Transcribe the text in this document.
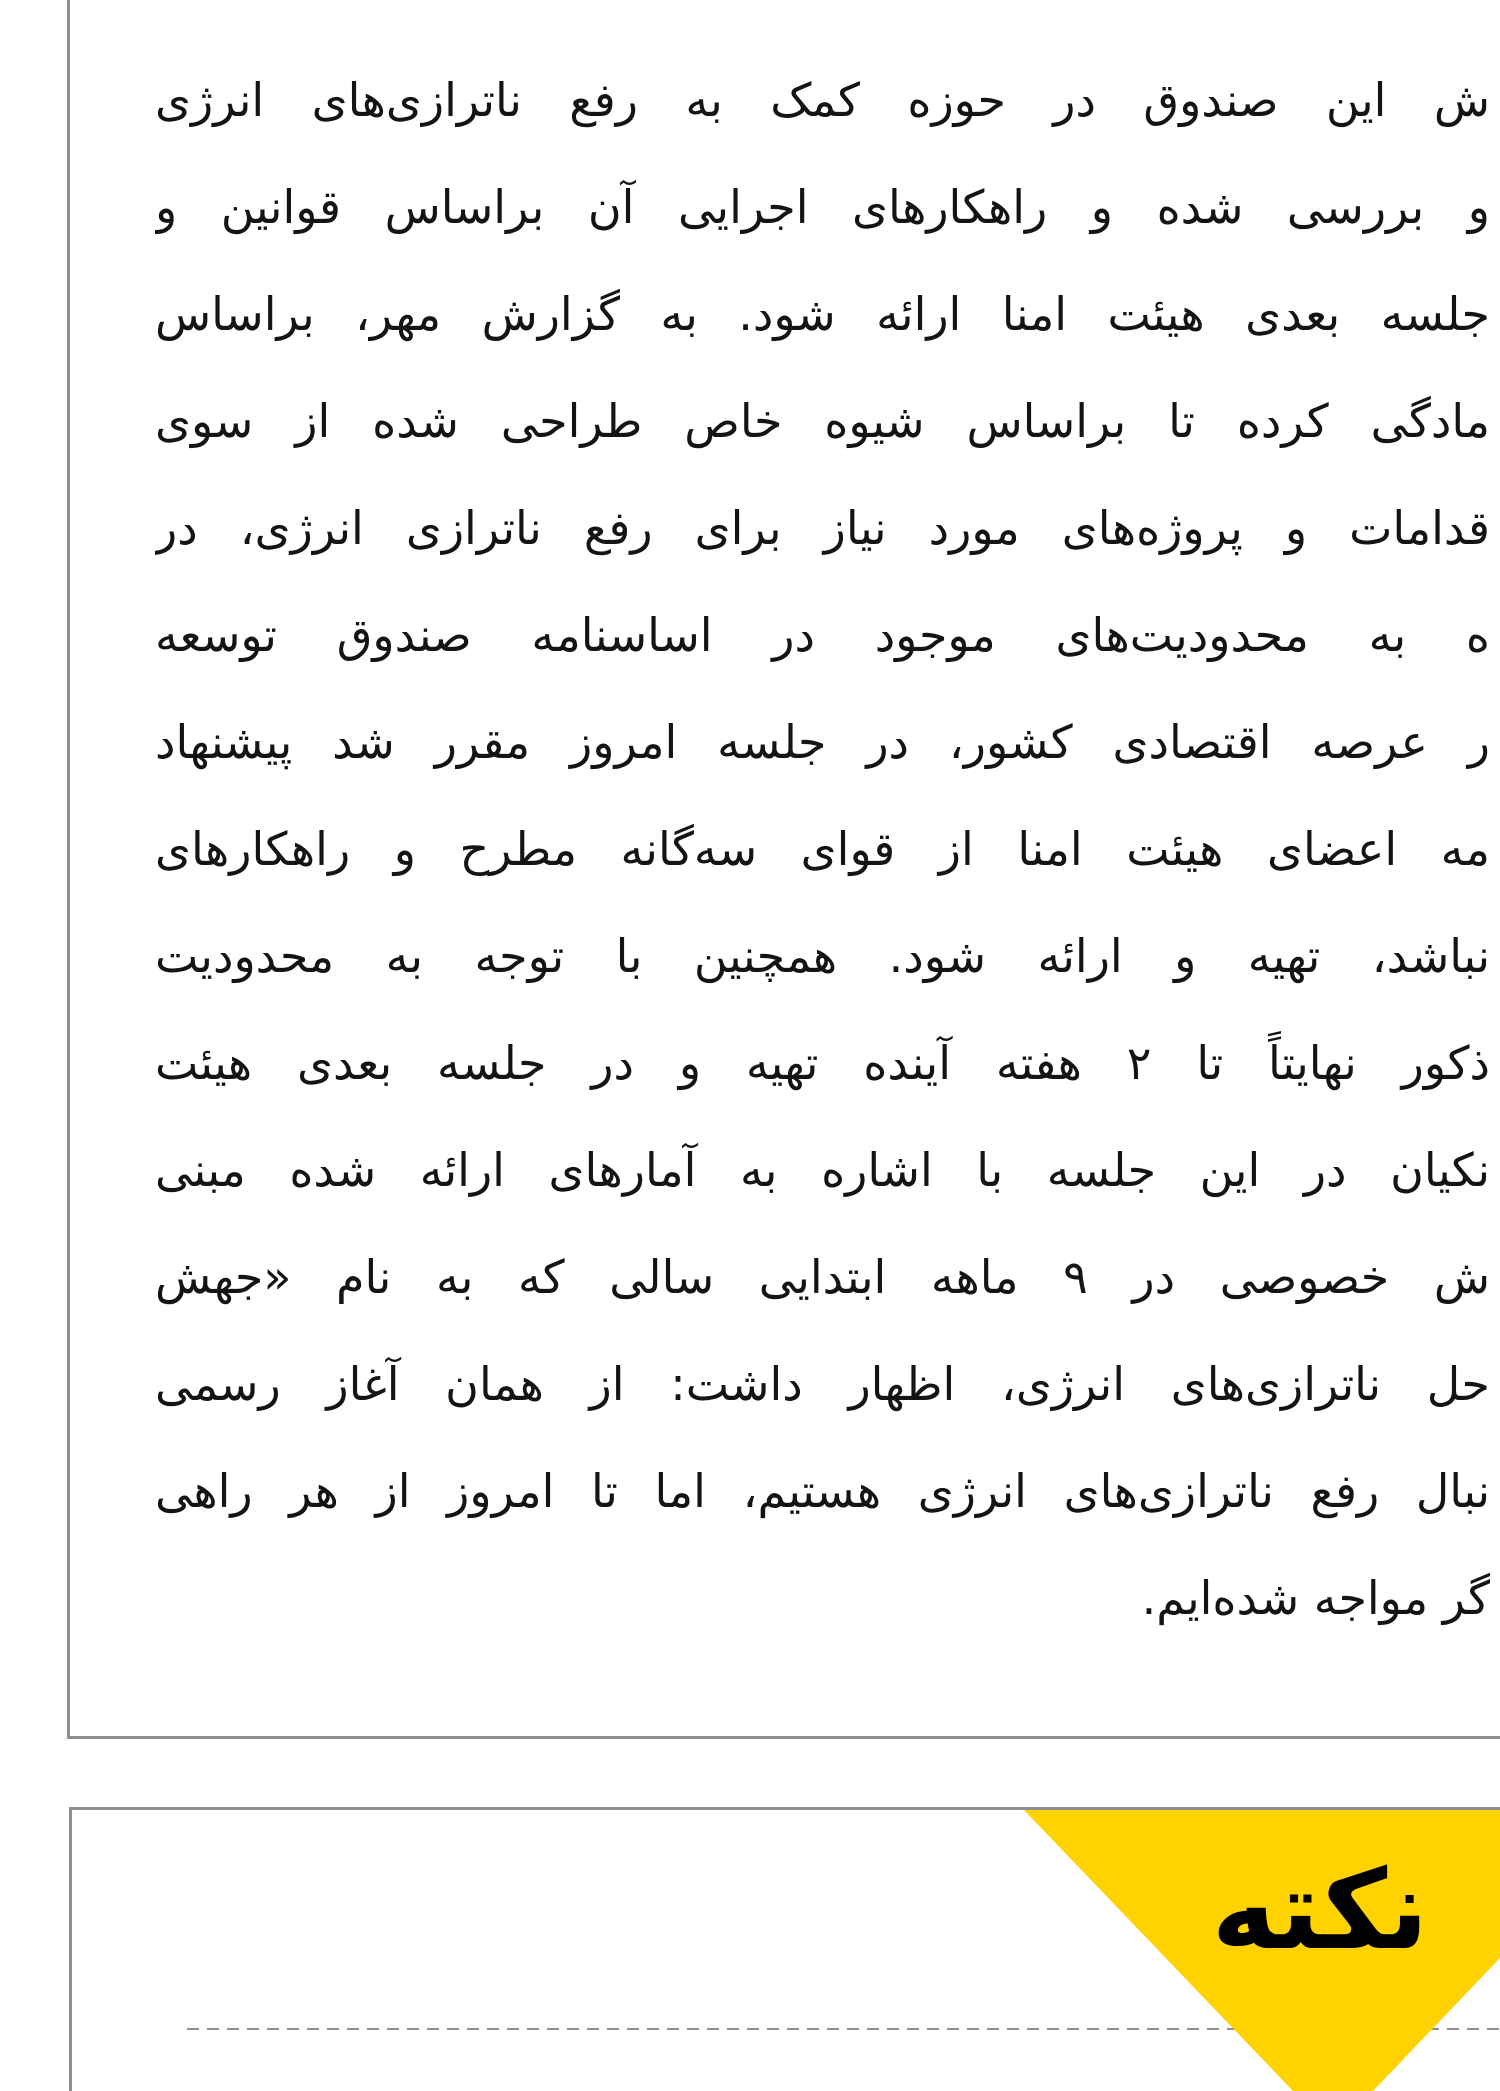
ش این صندوق در حوزه کمک به رفع ناترازی‌های انرژی
و بررسی شده و راهکارهای اجرایی آن براساس قوانین و
جلسه بعدی هیئت امنا ارائه شود. به گزارش مهر، براساس
مادگی کرده تا براساس شیوه خاص طراحی شده از سوی
قدامات و پروژه‌های مورد نیاز برای رفع ناترازی انرژی، در
ه به محدودیت‌های موجود در اساسنامه صندوق توسعه
ر عرصه اقتصادی کشور، در جلسه امروز مقرر شد پیشنهاد
مه اعضای هیئت امنا از قوای سه‌گانه مطرح و راهکارهای
نباشد، تهیه و ارائه شود. همچنین با توجه به محدودیت
ذکور نهایتاً تا ۲ هفته آینده تهیه و در جلسه بعدی هیئت
نکیان در این جلسه با اشاره به آمارهای ارائه شده مبنی
ش خصوصی در ۹ ماهه ابتدایی سالی که به نام «جهش
حل ناترازی‌های انرژی، اظهار داشت: از همان آغاز رسمی
نبال رفع ناترازی‌های انرژی هستیم، اما تا امروز از هر راهی
گر مواجه شده‌ایم.
نکته
